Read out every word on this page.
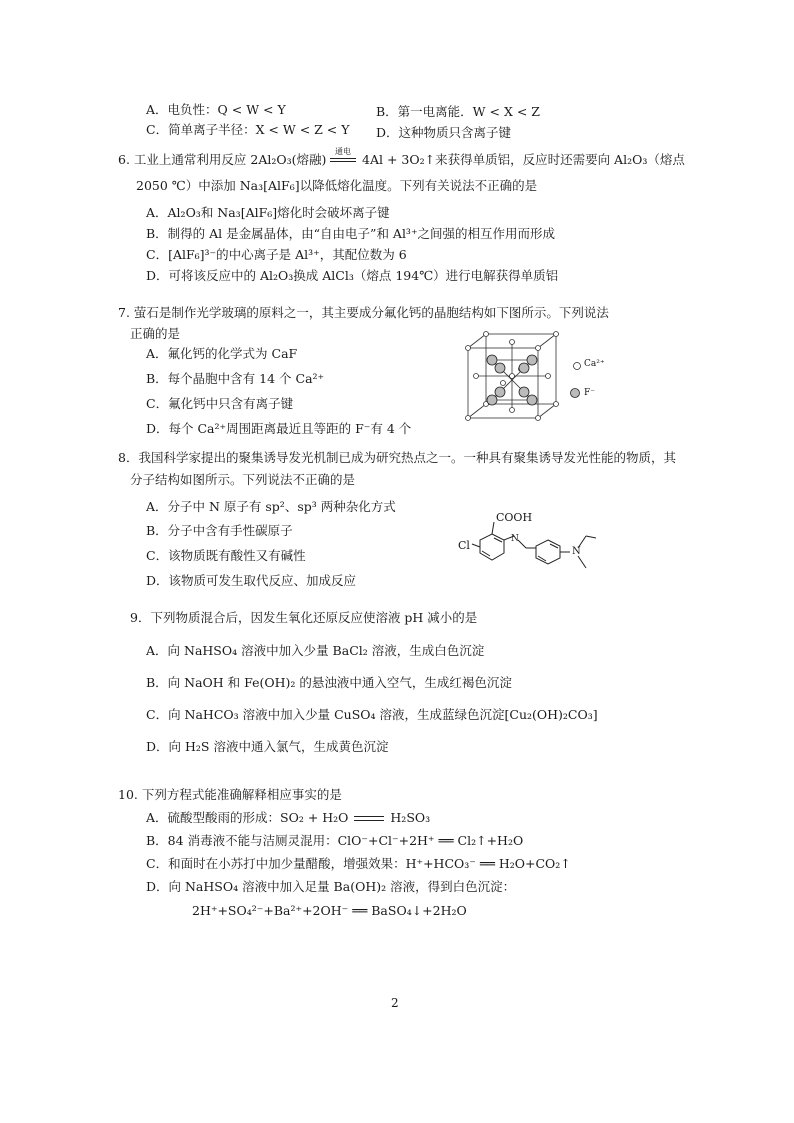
A．电负性：Q < W < Y	B．第一电离能．W < X < Z
C．简单离子半径：X < W < Z < Y D．这种物质只含离子键
6. 工业上通常利用反应 2Al₂O₃(熔融)
通电
4Al + 3O₂↑来获得单质铝，反应时还需要向 Al₂O₃（熔点
2050 ℃）中添加 Na₃[AlF₆]以降低熔化温度。下列有关说法不正确的是
A．Al₂O₃和 Na₃[AlF₆]熔化时会破坏离子键
B．制得的 Al 是金属晶体，由“自由电子”和 Al³⁺之间强的相互作用而形成
C．[AlF₆]³⁻的中心离子是 Al³⁺，其配位数为 6
D．可将该反应中的 Al₂O₃换成 AlCl₃（熔点 194℃）进行电解获得单质铝
7. 萤石是制作光学玻璃的原料之一，其主要成分氟化钙的晶胞结构如下图所示。下列说法
正确的是
A．氟化钙的化学式为 CaF
B．每个晶胞中含有 14 个 Ca²⁺
C．氟化钙中只含有离子键
D．每个 Ca²⁺周围距离最近且等距的 F⁻有 4 个
Ca²⁺
F⁻
8．我国科学家提出的聚集诱导发光机制已成为研究热点之一。一种具有聚集诱导发光性能的物质，其
分子结构如图所示。下列说法不正确的是
A．分子中 N 原子有 sp²、sp³ 两种杂化方式
B．分子中含有手性碳原子
C．该物质既有酸性又有碱性
D．该物质可发生取代反应、加成反应
COOH
Cl	N
N
9．下列物质混合后，因发生氧化还原反应使溶液 pH 减小的是
A．向 NaHSO₄ 溶液中加入少量 BaCl₂ 溶液，生成白色沉淀
B．向 NaOH 和 Fe(OH)₂ 的悬浊液中通入空气，生成红褐色沉淀
C．向 NaHCO₃ 溶液中加入少量 CuSO₄ 溶液，生成蓝绿色沉淀[Cu₂(OH)₂CO₃]
D．向 H₂S 溶液中通入氯气，生成黄色沉淀
10. 下列方程式能准确解释相应事实的是
A．硫酸型酸雨的形成：SO₂ + H₂O	H₂SO₃
B．84 消毒液不能与洁厕灵混用：ClO⁻+Cl⁻+2H⁺ ══ Cl₂↑+H₂O
C．和面时在小苏打中加少量醋酸，增强效果：H⁺+HCO₃⁻ ══ H₂O+CO₂↑
D．向 NaHSO₄ 溶液中加入足量 Ba(OH)₂ 溶液，得到白色沉淀：
2H⁺+SO₄²⁻+Ba²⁺+2OH⁻ ══ BaSO₄↓+2H₂O
2
